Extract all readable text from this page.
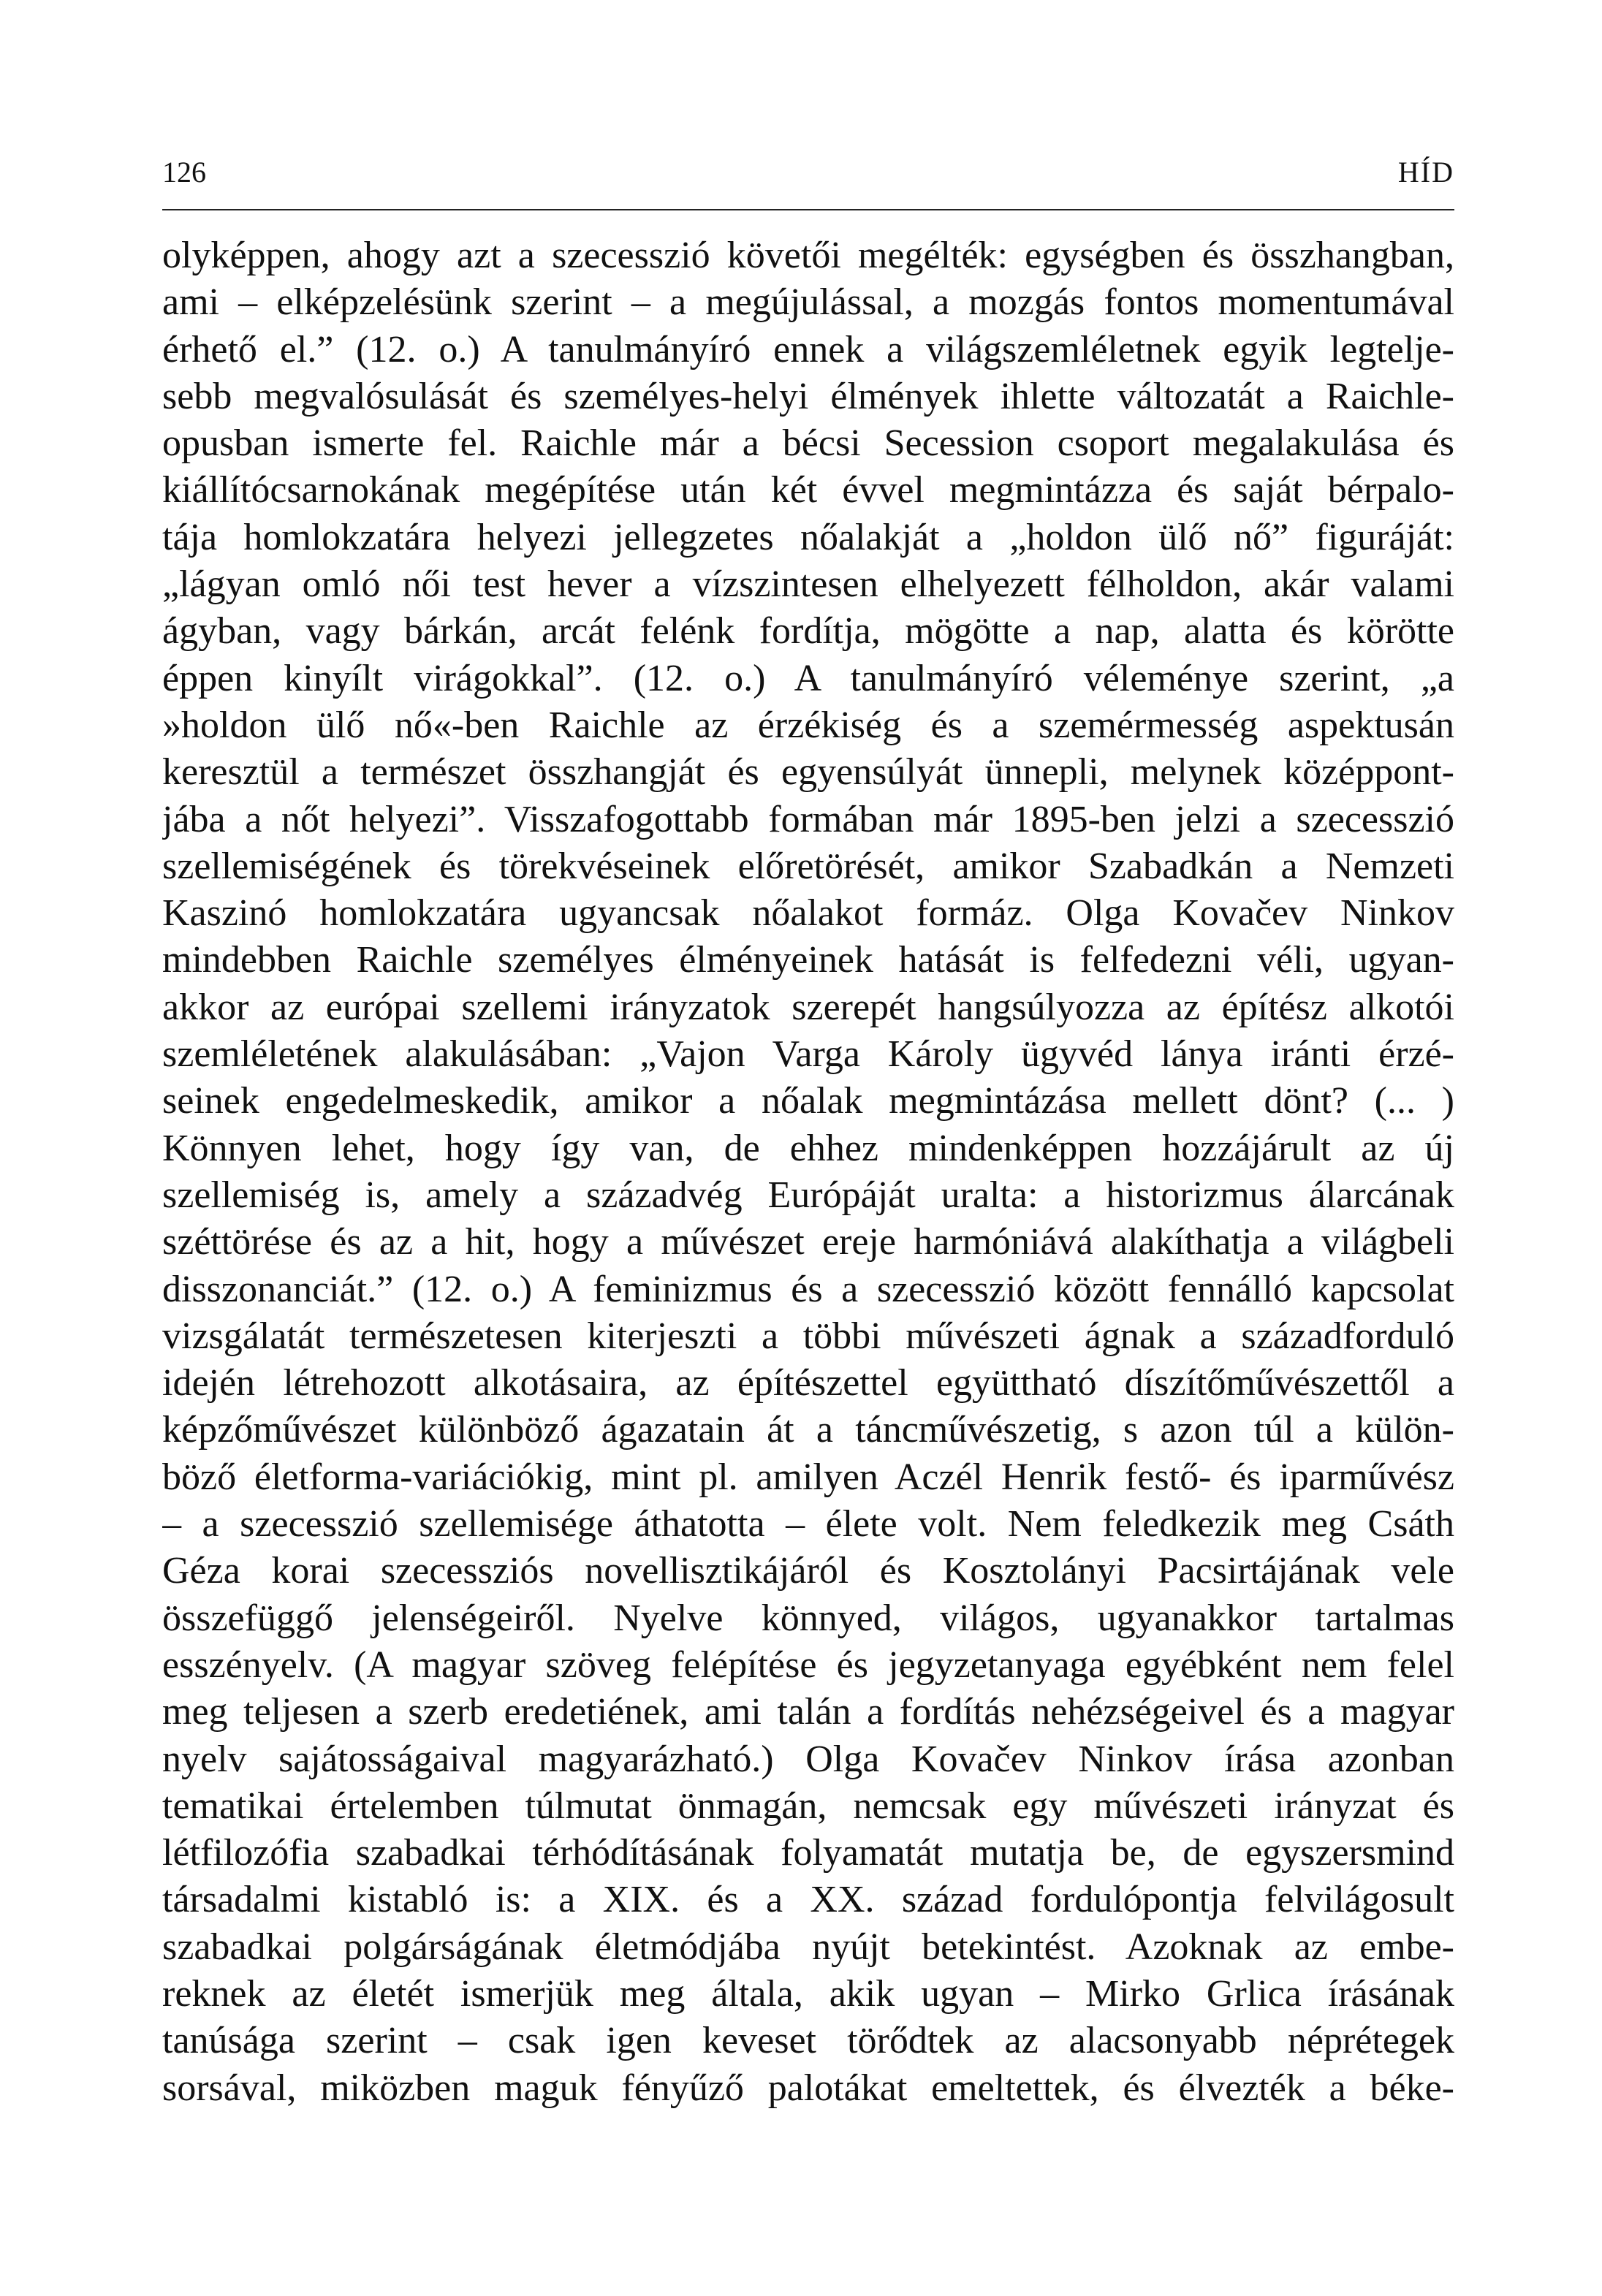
126	HÍD
olyképpen, ahogy azt a szecesszió követői megélték: egységben és összhangban,
ami – elképzelésünk szerint – a megújulással, a mozgás fontos momentumával
érhető el.” (12. o.) A tanulmányíró ennek a világszemléletnek egyik legtelje-
sebb megvalósulását és személyes-helyi élmények ihlette változatát a Raichle-
opusban ismerte fel. Raichle már a bécsi Secession csoport megalakulása és
kiállítócsarnokának megépítése után két évvel megmintázza és saját bérpalo-
tája homlokzatára helyezi jellegzetes nőalakját a „holdon ülő nő” figuráját:
„lágyan omló női test hever a vízszintesen elhelyezett félholdon, akár valami
ágyban, vagy bárkán, arcát felénk fordítja, mögötte a nap, alatta és körötte
éppen kinyílt virágokkal”. (12. o.) A tanulmányíró véleménye szerint, „a
»holdon ülő nő«-ben Raichle az érzékiség és a szemérmesség aspektusán
keresztül a természet összhangját és egyensúlyát ünnepli, melynek középpont-
jába a nőt helyezi”. Visszafogottabb formában már 1895-ben jelzi a szecesszió
szellemiségének és törekvéseinek előretörését, amikor Szabadkán a Nemzeti
Kaszinó homlokzatára ugyancsak nőalakot formáz. Olga Kovačev Ninkov
mindebben Raichle személyes élményeinek hatását is felfedezni véli, ugyan-
akkor az európai szellemi irányzatok szerepét hangsúlyozza az építész alkotói
szemléletének alakulásában: „Vajon Varga Károly ügyvéd lánya iránti érzé-
seinek engedelmeskedik, amikor a nőalak megmintázása mellett dönt? (... )
Könnyen lehet, hogy így van, de ehhez mindenképpen hozzájárult az új
szellemiség is, amely a századvég Európáját uralta: a historizmus álarcának
széttörése és az a hit, hogy a művészet ereje harmóniává alakíthatja a világbeli
disszonanciát.” (12. o.) A feminizmus és a szecesszió között fennálló kapcsolat
vizsgálatát természetesen kiterjeszti a többi művészeti ágnak a századforduló
idején létrehozott alkotásaira, az építészettel együttható díszítőművészettől a
képzőművészet különböző ágazatain át a táncművészetig, s azon túl a külön-
böző életforma-variációkig, mint pl. amilyen Aczél Henrik festő- és iparművész
– a szecesszió szellemisége áthatotta – élete volt. Nem feledkezik meg Csáth
Géza korai szecessziós novellisztikájáról és Kosztolányi Pacsirtájának vele
összefüggő jelenségeiről. Nyelve könnyed, világos, ugyanakkor tartalmas
esszényelv. (A magyar szöveg felépítése és jegyzetanyaga egyébként nem felel
meg teljesen a szerb eredetiének, ami talán a fordítás nehézségeivel és a magyar
nyelv sajátosságaival magyarázható.) Olga Kovačev Ninkov írása azonban
tematikai értelemben túlmutat önmagán, nemcsak egy művészeti irányzat és
létfilozófia szabadkai térhódításának folyamatát mutatja be, de egyszersmind
társadalmi kistabló is: a XIX. és a XX. század fordulópontja felvilágosult
szabadkai polgárságának életmódjába nyújt betekintést. Azoknak az embe-
reknek az életét ismerjük meg általa, akik ugyan – Mirko Grlica írásának
tanúsága szerint – csak igen keveset törődtek az alacsonyabb néprétegek
sorsával, miközben maguk fényűző palotákat emeltettek, és élvezték a béke-
